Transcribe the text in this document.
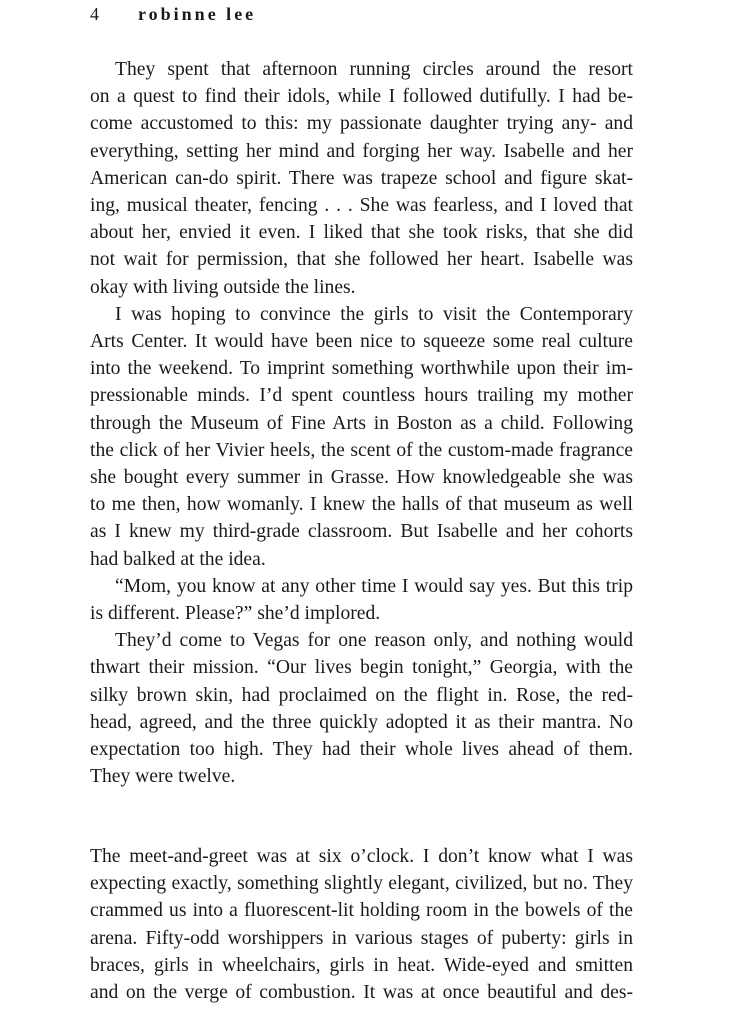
4	robinne lee

They spent that afternoon running circles around the resort
on a quest to find their idols, while I followed dutifully. I had be-
come accustomed to this: my passionate daughter trying any- and
everything, setting her mind and forging her way. Isabelle and her
American can-do spirit. There was trapeze school and figure skat-
ing, musical theater, fencing . . . She was fearless, and I loved that
about her, envied it even. I liked that she took risks, that she did
not wait for permission, that she followed her heart. Isabelle was
okay with living outside the lines.

I was hoping to convince the girls to visit the Contemporary
Arts Center. It would have been nice to squeeze some real culture
into the weekend. To imprint something worthwhile upon their im-
pressionable minds. I’d spent countless hours trailing my mother
through the Museum of Fine Arts in Boston as a child. Following
the click of her Vivier heels, the scent of the custom-made fragrance
she bought every summer in Grasse. How knowledgeable she was
to me then, how womanly. I knew the halls of that museum as well
as I knew my third-grade classroom. But Isabelle and her cohorts
had balked at the idea.

“Mom, you know at any other time I would say yes. But this trip
is different. Please?” she’d implored.

They’d come to Vegas for one reason only, and nothing would
thwart their mission. “Our lives begin tonight,” Georgia, with the
silky brown skin, had proclaimed on the flight in. Rose, the red-
head, agreed, and the three quickly adopted it as their mantra. No
expectation too high. They had their whole lives ahead of them.
They were twelve.

The meet-and-greet was at six o’clock. I don’t know what I was
expecting exactly, something slightly elegant, civilized, but no. They
crammed us into a fluorescent-lit holding room in the bowels of the
arena. Fifty-odd worshippers in various stages of puberty: girls in
braces, girls in wheelchairs, girls in heat. Wide-eyed and smitten
and on the verge of combustion. It was at once beautiful and des-
